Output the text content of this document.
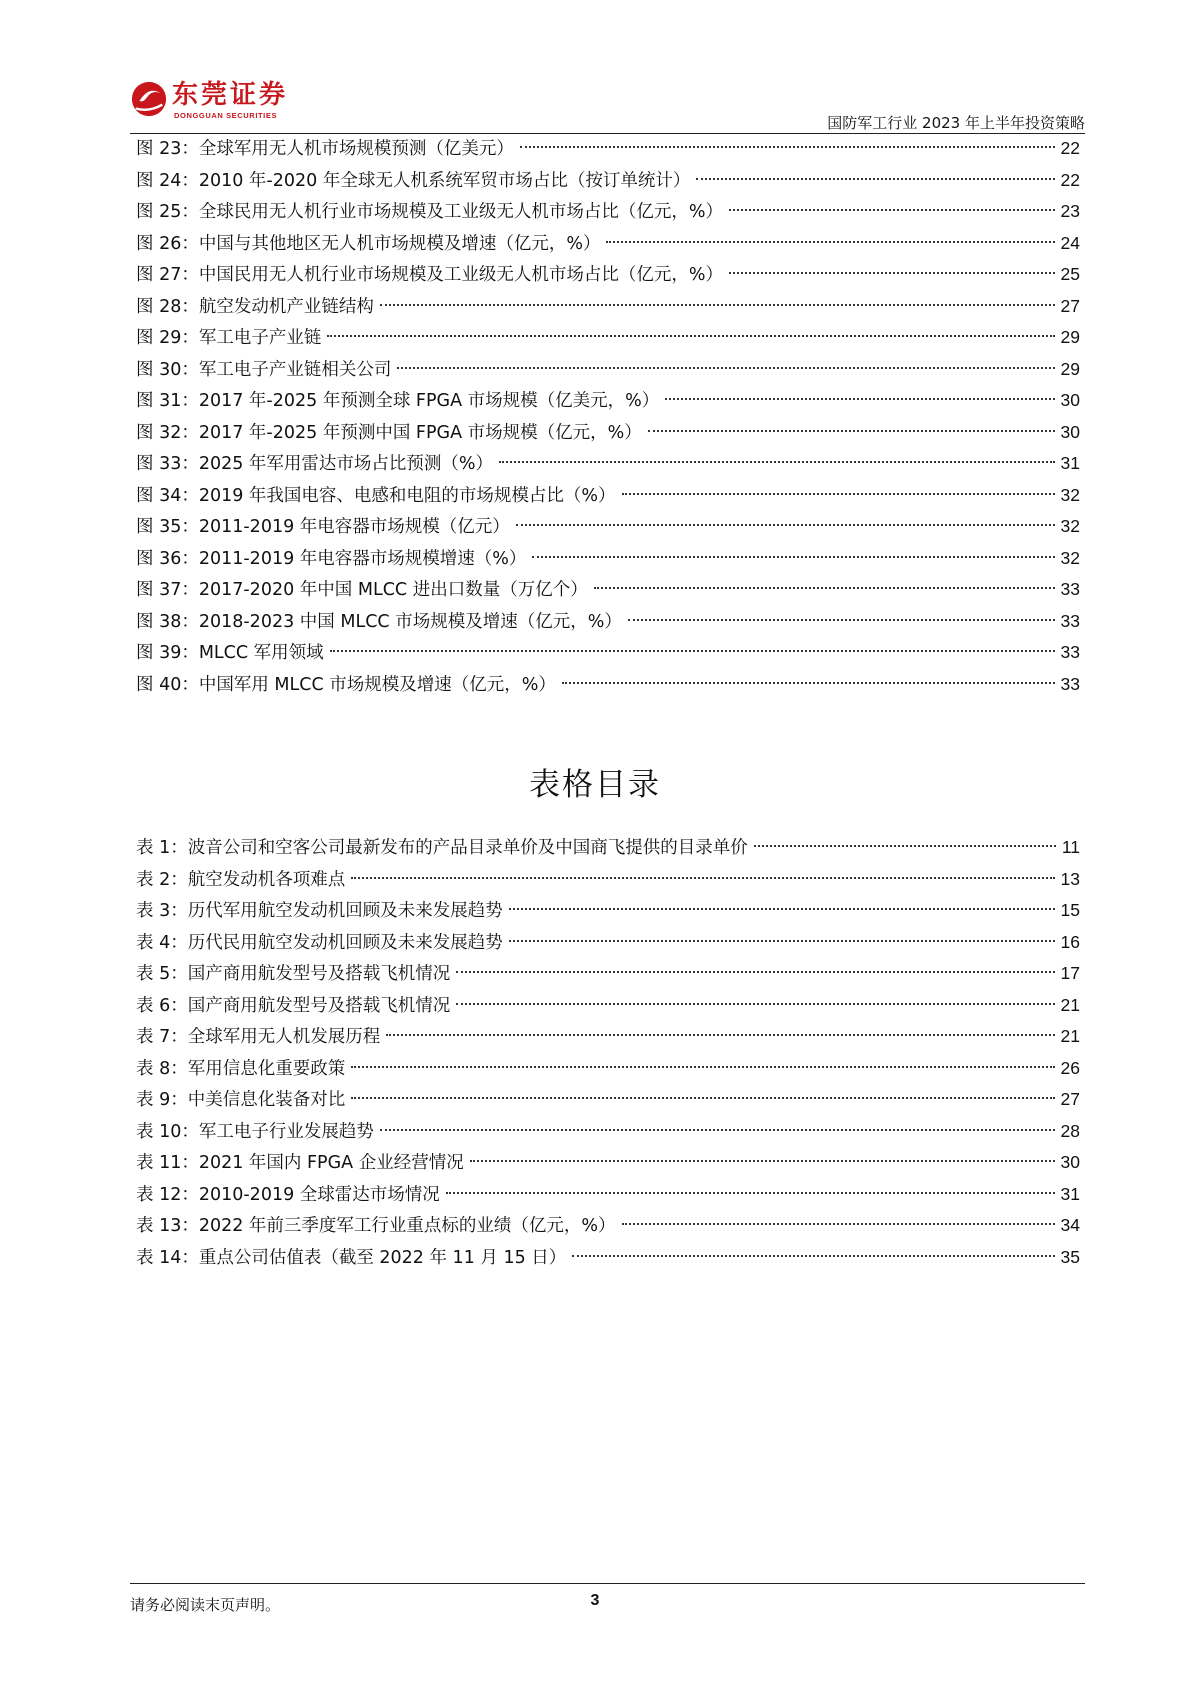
东莞证券
DONGGUAN SECURITIES	国防军工行业 2023 年上半年投资策略
图 23：全球军用无人机市场规模预测（亿美元）	22
图 24：2010 年-2020 年全球无人机系统军贸市场占比（按订单统计）	22
图 25：全球民用无人机行业市场规模及工业级无人机市场占比（亿元，%）	23
图 26：中国与其他地区无人机市场规模及增速（亿元，%）	24
图 27：中国民用无人机行业市场规模及工业级无人机市场占比（亿元，%）	25
图 28：航空发动机产业链结构	27
图 29：军工电子产业链	29
图 30：军工电子产业链相关公司	29
图 31：2017 年-2025 年预测全球 FPGA 市场规模（亿美元，%）	30
图 32：2017 年-2025 年预测中国 FPGA 市场规模（亿元，%）	30
图 33：2025 年军用雷达市场占比预测（%）	31
图 34：2019 年我国电容、电感和电阻的市场规模占比（%）	32
图 35：2011-2019 年电容器市场规模（亿元）	32
图 36：2011-2019 年电容器市场规模增速（%）	32
图 37：2017-2020 年中国 MLCC 进出口数量（万亿个）	33
图 38：2018-2023 中国 MLCC 市场规模及增速（亿元，%）	33
图 39：MLCC 军用领域	33
图 40：中国军用 MLCC 市场规模及增速（亿元，%）	33
表格目录
表 1：波音公司和空客公司最新发布的产品目录单价及中国商飞提供的目录单价	11
表 2：航空发动机各项难点	13
表 3：历代军用航空发动机回顾及未来发展趋势	15
表 4：历代民用航空发动机回顾及未来发展趋势	16
表 5：国产商用航发型号及搭载飞机情况	17
表 6：国产商用航发型号及搭载飞机情况	21
表 7：全球军用无人机发展历程	21
表 8：军用信息化重要政策	26
表 9：中美信息化装备对比	27
表 10：军工电子行业发展趋势	28
表 11：2021 年国内 FPGA 企业经营情况	30
表 12：2010-2019 全球雷达市场情况	31
表 13：2022 年前三季度军工行业重点标的业绩（亿元，%）	34
表 14：重点公司估值表（截至 2022 年 11 月 15 日）	35
请务必阅读末页声明。	3
